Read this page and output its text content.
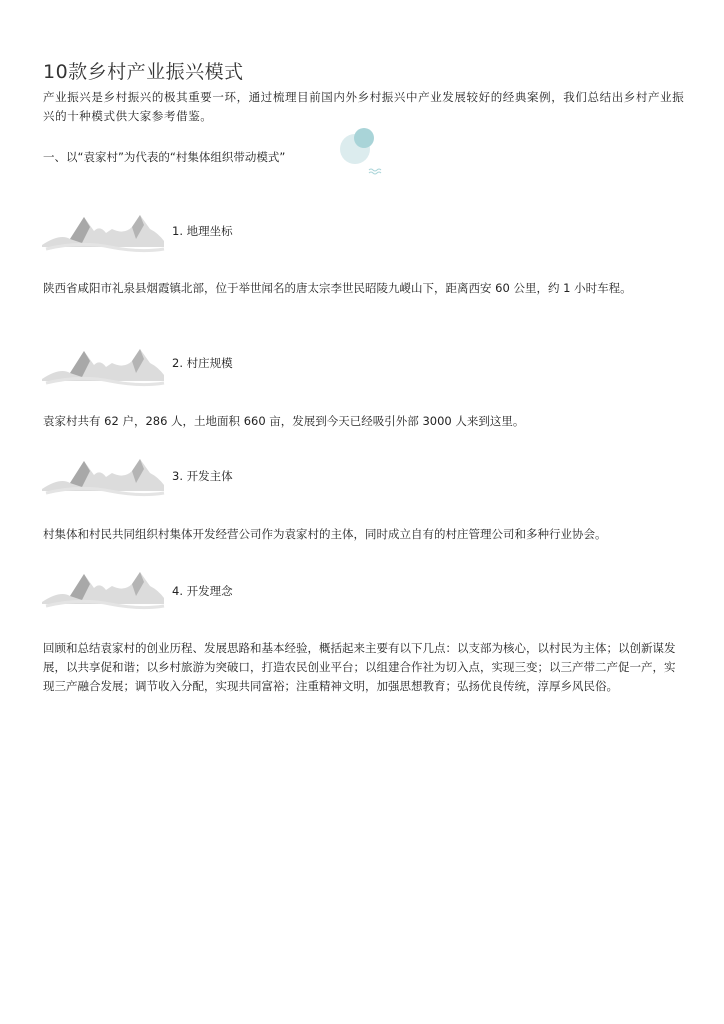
10款乡村产业振兴模式
产业振兴是乡村振兴的极其重要一环，通过梳理目前国内外乡村振兴中产业发展较好的经典案例，我们总结出乡村产业振兴的十种模式供大家参考借鉴。
一、以“袁家村”为代表的“村集体组织带动模式”
1. 地理坐标
陕西省咸阳市礼泉县烟霞镇北部，位于举世闻名的唐太宗李世民昭陵九嵕山下，距离西安 60 公里，约 1 小时车程。
2. 村庄规模
袁家村共有 62 户，286 人，土地面积 660 亩，发展到今天已经吸引外部 3000 人来到这里。
3. 开发主体
村集体和村民共同组织村集体开发经营公司作为袁家村的主体，同时成立自有的村庄管理公司和多种行业协会。
4. 开发理念
回顾和总结袁家村的创业历程、发展思路和基本经验，概括起来主要有以下几点：以支部为核心，以村民为主体；以创新谋发展，以共享促和谐；以乡村旅游为突破口，打造农民创业平台；以组建合作社为切入点，实现三变；以三产带二产促一产，实现三产融合发展；调节收入分配，实现共同富裕；注重精神文明，加强思想教育；弘扬优良传统，淳厚乡风民俗。
